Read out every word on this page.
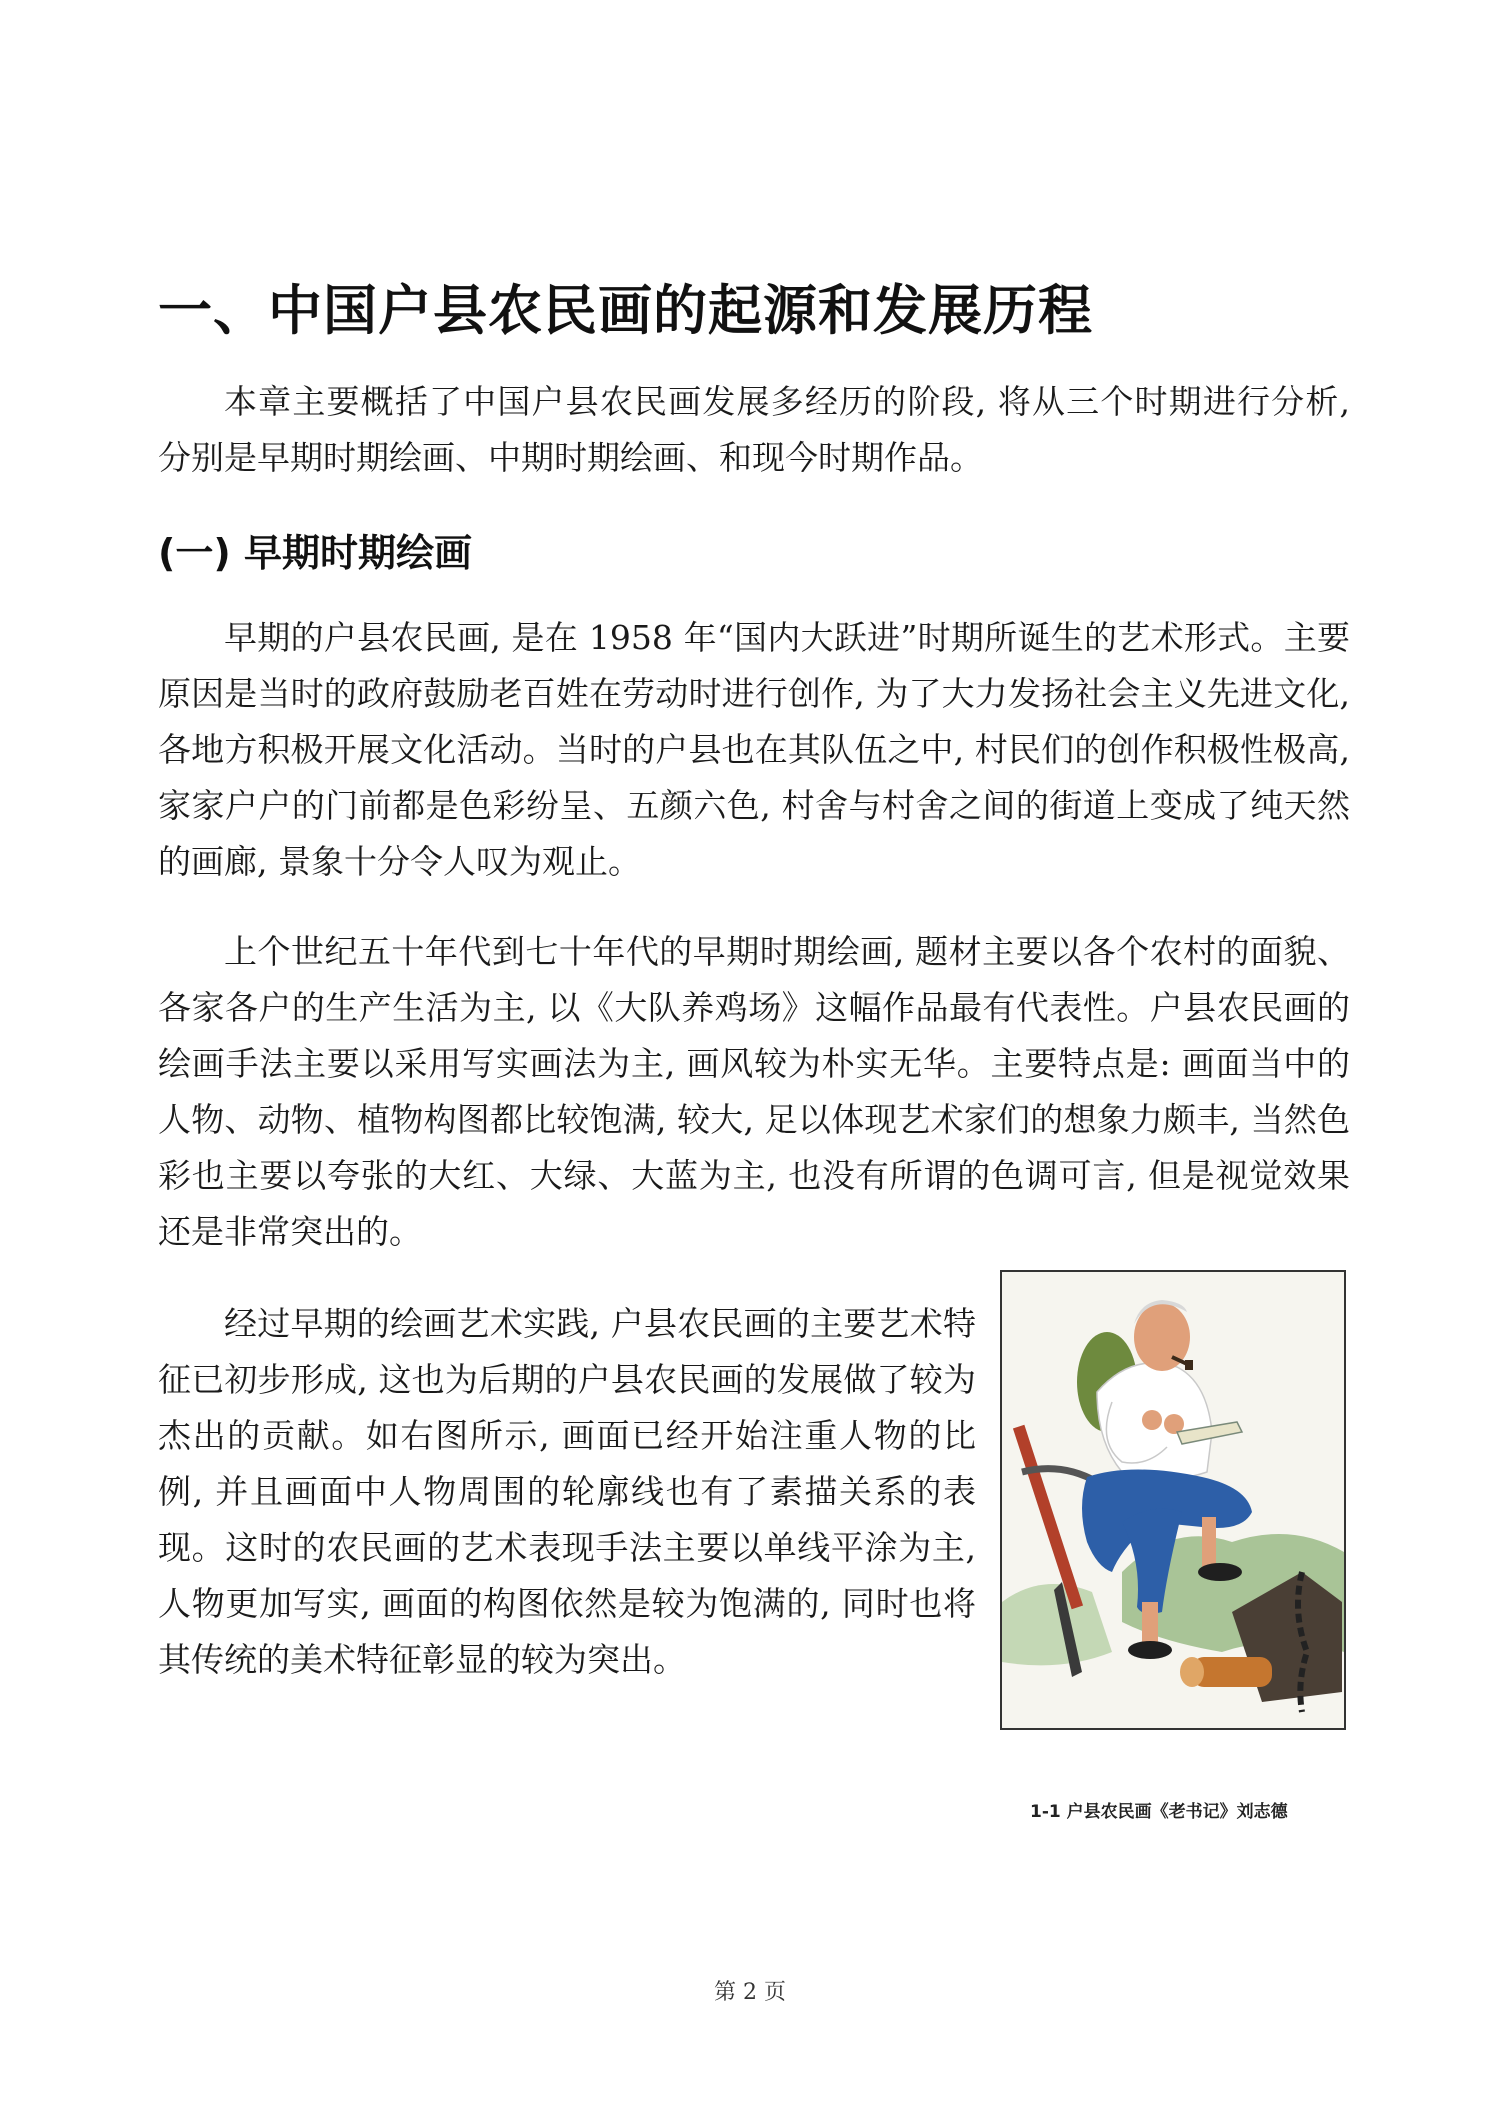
一、中国户县农民画的起源和发展历程

本章主要概括了中国户县农民画发展多经历的阶段, 将从三个时期进行分析, 分别是早期时期绘画、中期时期绘画、和现今时期作品。

(一) 早期时期绘画

早期的户县农民画, 是在 1958 年“国内大跃进”时期所诞生的艺术形式。主要原因是当时的政府鼓励老百姓在劳动时进行创作, 为了大力发扬社会主义先进文化, 各地方积极开展文化活动。当时的户县也在其队伍之中, 村民们的创作积极性极高, 家家户户的门前都是色彩纷呈、五颜六色, 村舍与村舍之间的街道上变成了纯天然的画廊, 景象十分令人叹为观止。

上个世纪五十年代到七十年代的早期时期绘画, 题材主要以各个农村的面貌、各家各户的生产生活为主, 以《大队养鸡场》这幅作品最有代表性。户县农民画的绘画手法主要以采用写实画法为主, 画风较为朴实无华。主要特点是: 画面当中的人物、动物、植物构图都比较饱满, 较大, 足以体现艺术家们的想象力颇丰, 当然色彩也主要以夸张的大红、大绿、大蓝为主, 也没有所谓的色调可言, 但是视觉效果还是非常突出的。

经过早期的绘画艺术实践, 户县农民画的主要艺术特征已初步形成, 这也为后期的户县农民画的发展做了较为杰出的贡献。如右图所示, 画面已经开始注重人物的比例, 并且画面中人物周围的轮廓线也有了素描关系的表现。这时的农民画的艺术表现手法主要以单线平涂为主, 人物更加写实, 画面的构图依然是较为饱满的, 同时也将其传统的美术特征彰显的较为突出。

1-1 户县农民画《老书记》刘志德

第 2 页
